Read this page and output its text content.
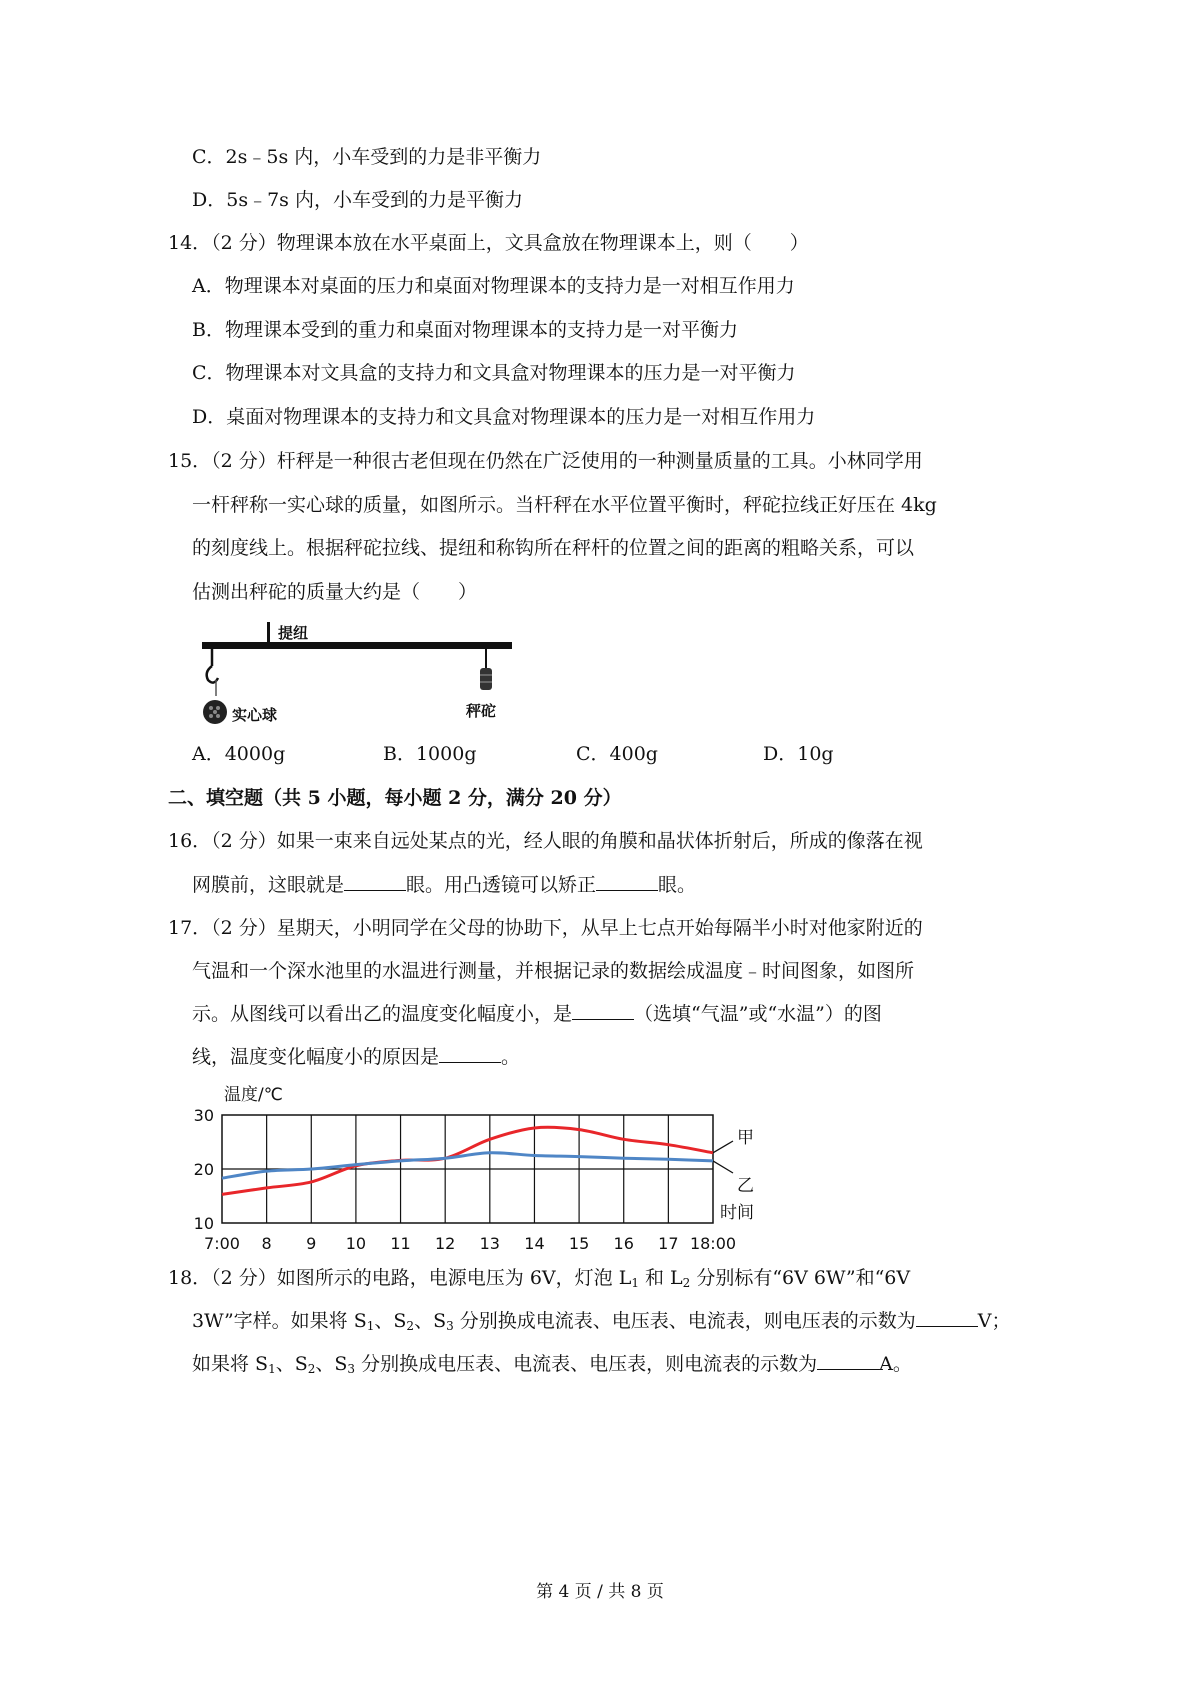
C．2s﹣5s 内，小车受到的力是非平衡力
D．5s﹣7s 内，小车受到的力是平衡力
14．（2 分）物理课本放在水平桌面上，文具盒放在物理课本上，则（　　）
A．物理课本对桌面的压力和桌面对物理课本的支持力是一对相互作用力
B．物理课本受到的重力和桌面对物理课本的支持力是一对平衡力
C．物理课本对文具盒的支持力和文具盒对物理课本的压力是一对平衡力
D．桌面对物理课本的支持力和文具盒对物理课本的压力是一对相互作用力
15．（2 分）杆秤是一种很古老但现在仍然在广泛使用的一种测量质量的工具。小林同学用
一杆秤称一实心球的质量，如图所示。当杆秤在水平位置平衡时，秤砣拉线正好压在 4kg
的刻度线上。根据秤砣拉线、提纽和称钩所在秤杆的位置之间的距离的粗略关系，可以
估测出秤砣的质量大约是（　　）
提纽
实心球	秤砣
A．4000g	B．1000g	C．400g	D．10g
二、填空题（共 5 小题，每小题 2 分，满分 20 分）
16．（2 分）如果一束来自远处某点的光，经人眼的角膜和晶状体折射后，所成的像落在视
网膜前，这眼就是	眼。用凸透镜可以矫正	眼。
17．（2 分）星期天，小明同学在父母的协助下，从早上七点开始每隔半小时对他家附近的
气温和一个深水池里的水温进行测量，并根据记录的数据绘成温度﹣时间图象，如图所
示。从图线可以看出乙的温度变化幅度小，是	（选填“气温”或“水温”）的图
线，温度变化幅度小的原因是	。
温度/℃
10
20
30
7:00 8 9 10 11 12 13 14 15 16 17 18:00
甲
乙
时间
18．（2 分）如图所示的电路，电源电压为 6V，灯泡 $L_1$ 和 $L_2$ 分别标有“6V 6W”和“6V
3W”字样。如果将 $S_1$、$S_2$、$S_3$ 分别换成电流表、电压表、电流表，则电压表的示数为	V；
如果将 $S_1$、$S_2$、$S_3$ 分别换成电压表、电流表、电压表，则电流表的示数为	A。
第 4 页 / 共 8 页
